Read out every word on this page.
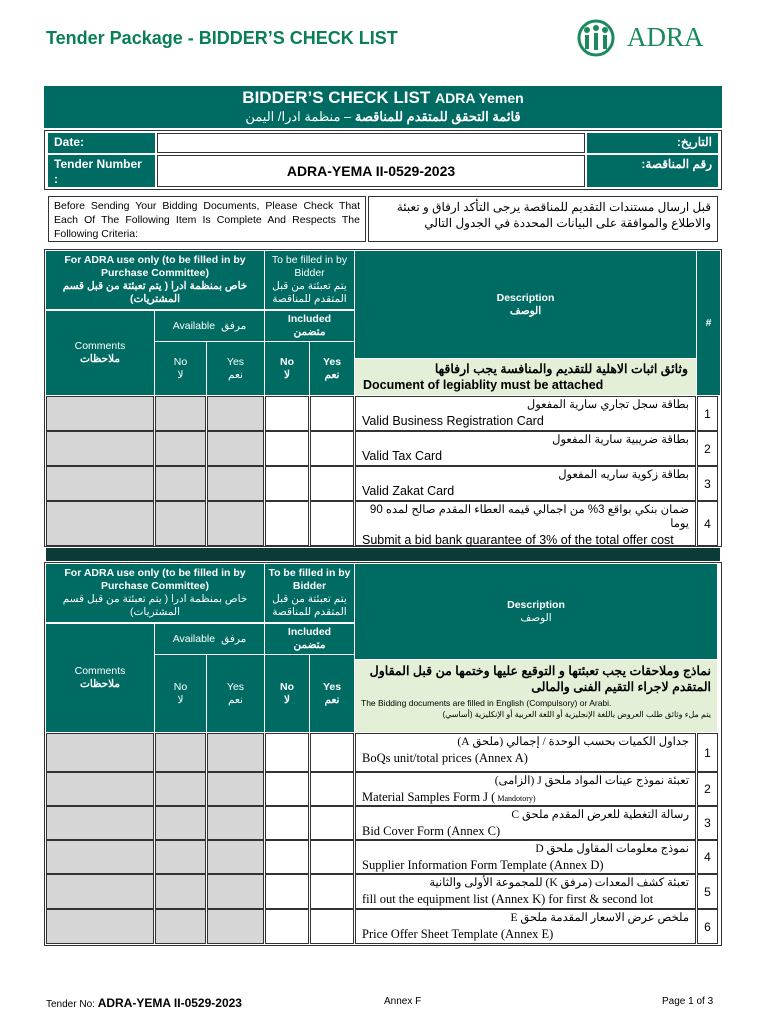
Tender Package - BIDDER’S CHECK LIST	ADRA
BIDDER’S CHECK LIST ADRA Yemen
قائمة التحقق للمتقدم للمناقصة – منظمة ادرا/ اليمن
Date:	التاريخ:
Tender Number :	ADRA-YEMA II-0529-2023	رقم المناقصة:
Before Sending Your Bidding Documents, Please Check That Each Of The Following Item Is Complete And Respects The Following Criteria:
قبل ارسال مستندات التقديم للمناقصة يرجى التأكد ارفاق و تعبئة والاطلاع والموافقة على البيانات المحددة في الجدول التالي
For ADRA use only (to be filled in by Purchase Committee)
خاص بمنظمة ادرا ( يتم تعبئتة من قبل قسم المشتريات)
To be filled in by Bidder
يتم تعبئتة من قبل المتقدم للمناقصة	Description
الوصف
#
Comments
ملاحظات
Available مرفق
Included
متضمن
No
لا
Yes
نعم
No
لا
Yes
نعم	وثائق اثبات الاهلية للتقديم والمنافسة يجب ارفاقها
Document of legiablity must be attached
بطاقة سجل تجاري سارية المفعول
Valid Business Registration Card
1
بطاقة ضريبية سارية المفعول
Valid Tax Card
2
بطاقة زكوية ساريه المفعول
Valid Zakat Card
3
ضمان بنكي بواقع 3% من اجمالي قيمه العطاء المقدم صالح لمده 90 يوما
Submit a bid bank guarantee of 3% of the total offer cost
4
For ADRA use only (to be filled in by Purchase Committee)
خاص بمنظمة ادرا ( يتم تعبئتة من قبل قسم المشتريات)
To be filled in by Bidder
يتم تعبئتة من قبل المتقدم للمناقصة
Description
الوصف
Comments
ملاحظات
Available مرفق
Included
متضمن
No
لا
Yes
نعم
No
لا
Yes
نعم
نماذج وملاحقات يجب تعبئتها و التوقيع عليها وختمها من قبل المقاول المتقدم لاجراء التقيم الفنى والمالى
The Bidding documents are filled in English (Compulsory) or Arabi.
يتم ملء وثائق طلب العروض باللغة الإنجليزية أو اللغة العربية أو الإنكليزية (أساسي)
جداول الكميات بحسب الوحدة / إجمالي (ملحق A)
BoQs unit/total prices (Annex A)	1
تعبئة نموذج عينات المواد ملحق J (الزامى)
Material Samples Form J ( Mandotory)
2
رسالة التغطية للعرض المقدم ملحق C
Bid Cover Form (Annex C)
3
نموذج معلومات المقاول ملحق D
Supplier Information Form Template (Annex D)
4
تعبئة كشف المعدات (مرفق K) للمجموعة الأولى والثانية
fill out the equipment list (Annex K) for first & second lot
5
ملخص عرض الاسعار المقدمة ملحق E
Price Offer Sheet Template (Annex E)
6
Tender No: ADRA-YEMA II-0529-2023	Annex F	Page 1 of 3
